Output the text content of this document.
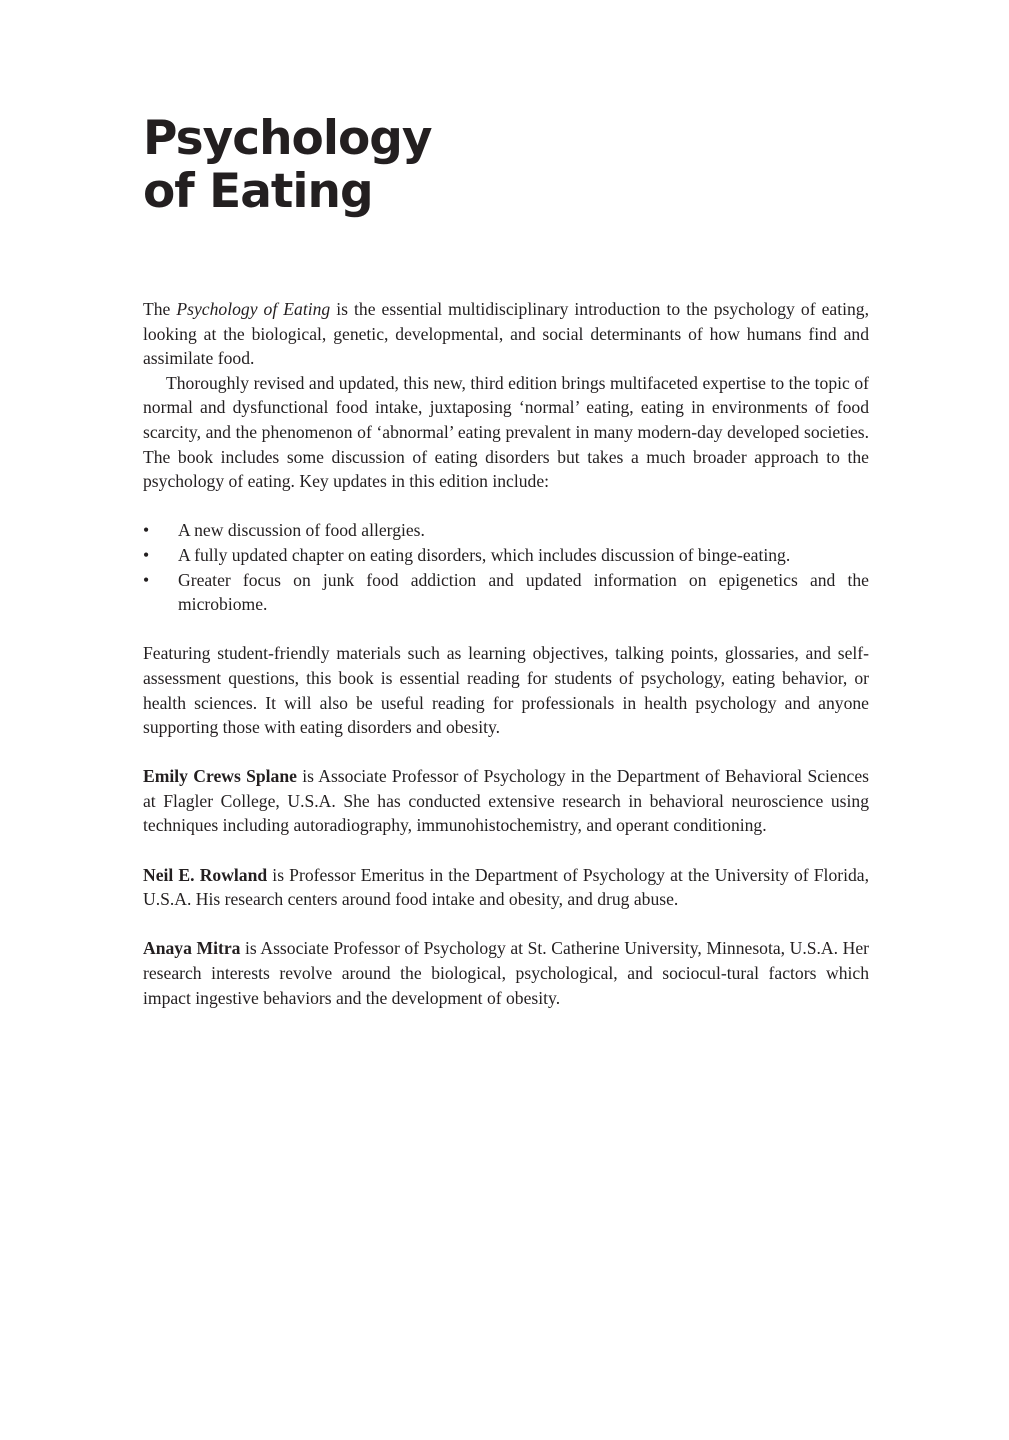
Psychology
of Eating

The Psychology of Eating is the essential multidisciplinary introduction to the psychology of eating, looking at the biological, genetic, developmental, and social determinants of how humans find and assimilate food.

Thoroughly revised and updated, this new, third edition brings multifaceted expertise to the topic of normal and dysfunctional food intake, juxtaposing ‘normal’ eating, eating in environments of food scarcity, and the phenomenon of ‘abnormal’ eating prevalent in many modern-day developed societies. The book includes some discussion of eating disorders but takes a much broader approach to the psychology of eating. Key updates in this edition include:

• A new discussion of food allergies.
• A fully updated chapter on eating disorders, which includes discussion of binge-eating.
• Greater focus on junk food addiction and updated information on epigenetics and the microbiome.

Featuring student-friendly materials such as learning objectives, talking points, glossaries, and self-assessment questions, this book is essential reading for students of psychology, eating behavior, or health sciences. It will also be useful reading for professionals in health psychology and anyone supporting those with eating disorders and obesity.

Emily Crews Splane is Associate Professor of Psychology in the Department of Behavioral Sciences at Flagler College, U.S.A. She has conducted extensive research in behavioral neuroscience using techniques including autoradiography, immunohistochemistry, and operant conditioning.

Neil E. Rowland is Professor Emeritus in the Department of Psychology at the University of Florida, U.S.A. His research centers around food intake and obesity, and drug abuse.

Anaya Mitra is Associate Professor of Psychology at St. Catherine University, Minnesota, U.S.A. Her research interests revolve around the biological, psychological, and sociocul-tural factors which impact ingestive behaviors and the development of obesity.
